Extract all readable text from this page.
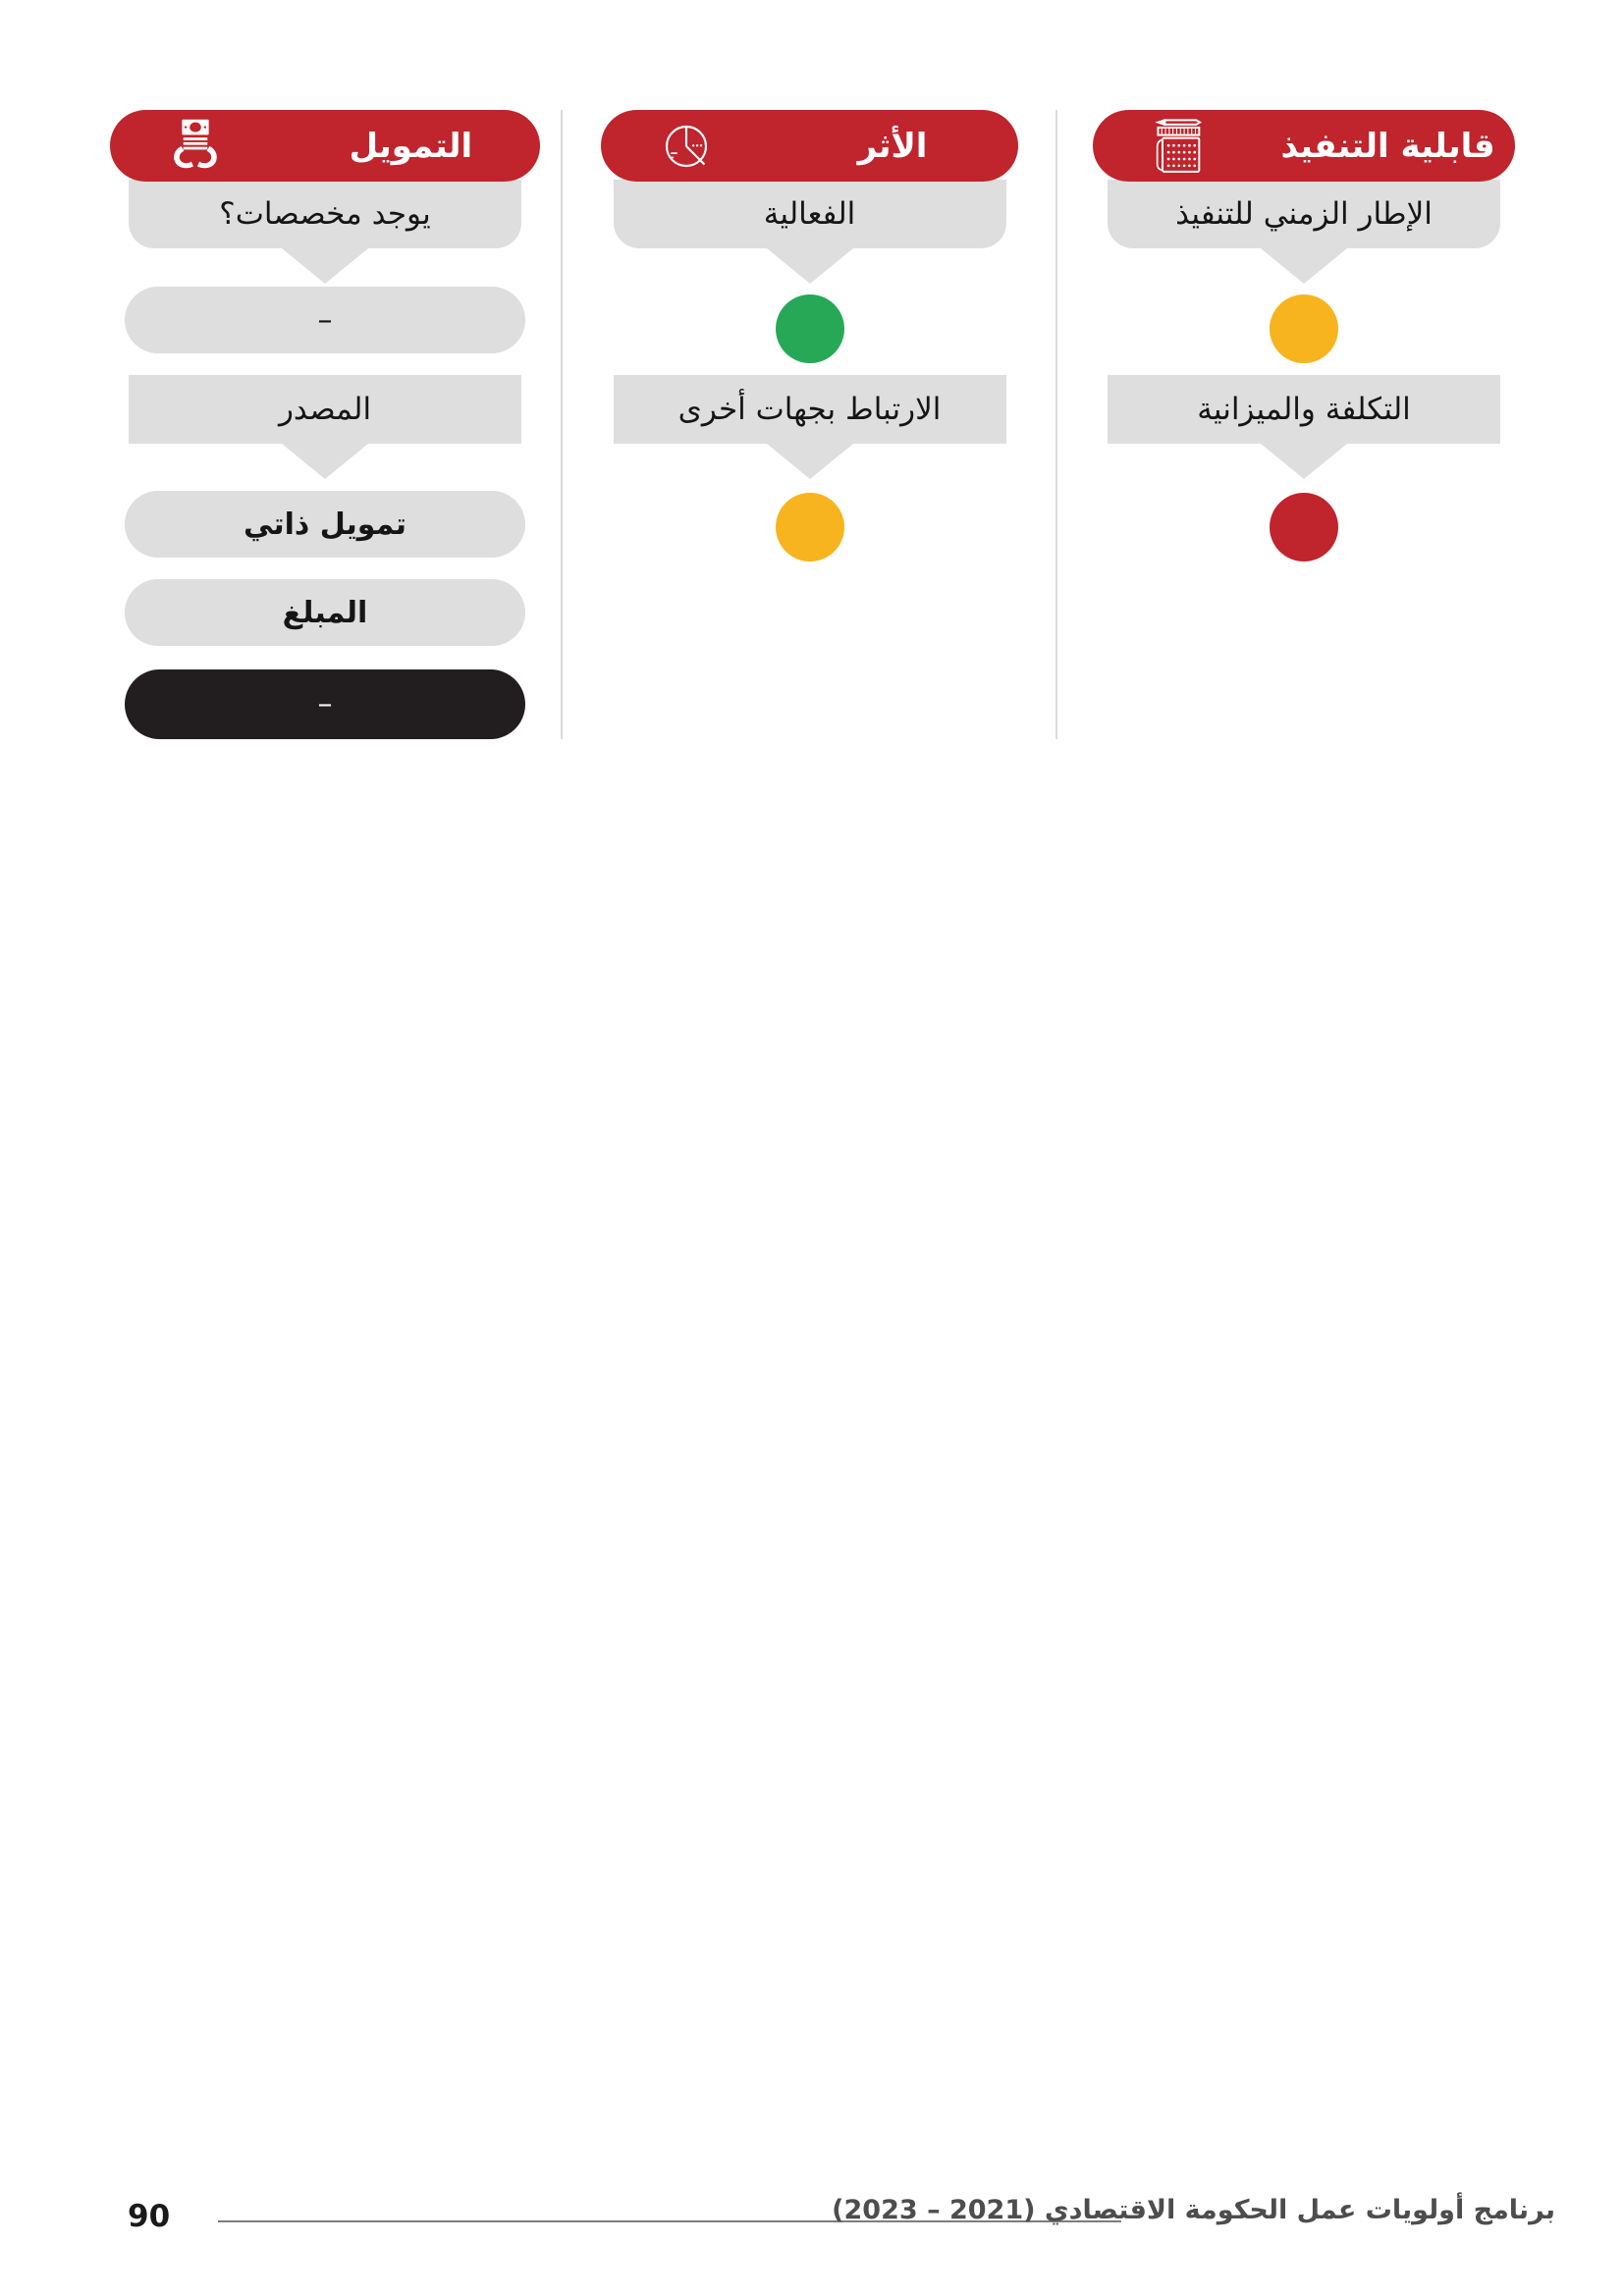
قابلية التنفيذ
الإطار الزمني للتنفيذ
التكلفة والميزانية
الأثر
الفعالية
الارتباط بجهات أخرى
التمويل
يوجد مخصصات؟
–
المصدر
تمويل ذاتي
المبلغ
–
90	برنامج أولويات عمل الحكومة الاقتصادي (2021 – 2023)
